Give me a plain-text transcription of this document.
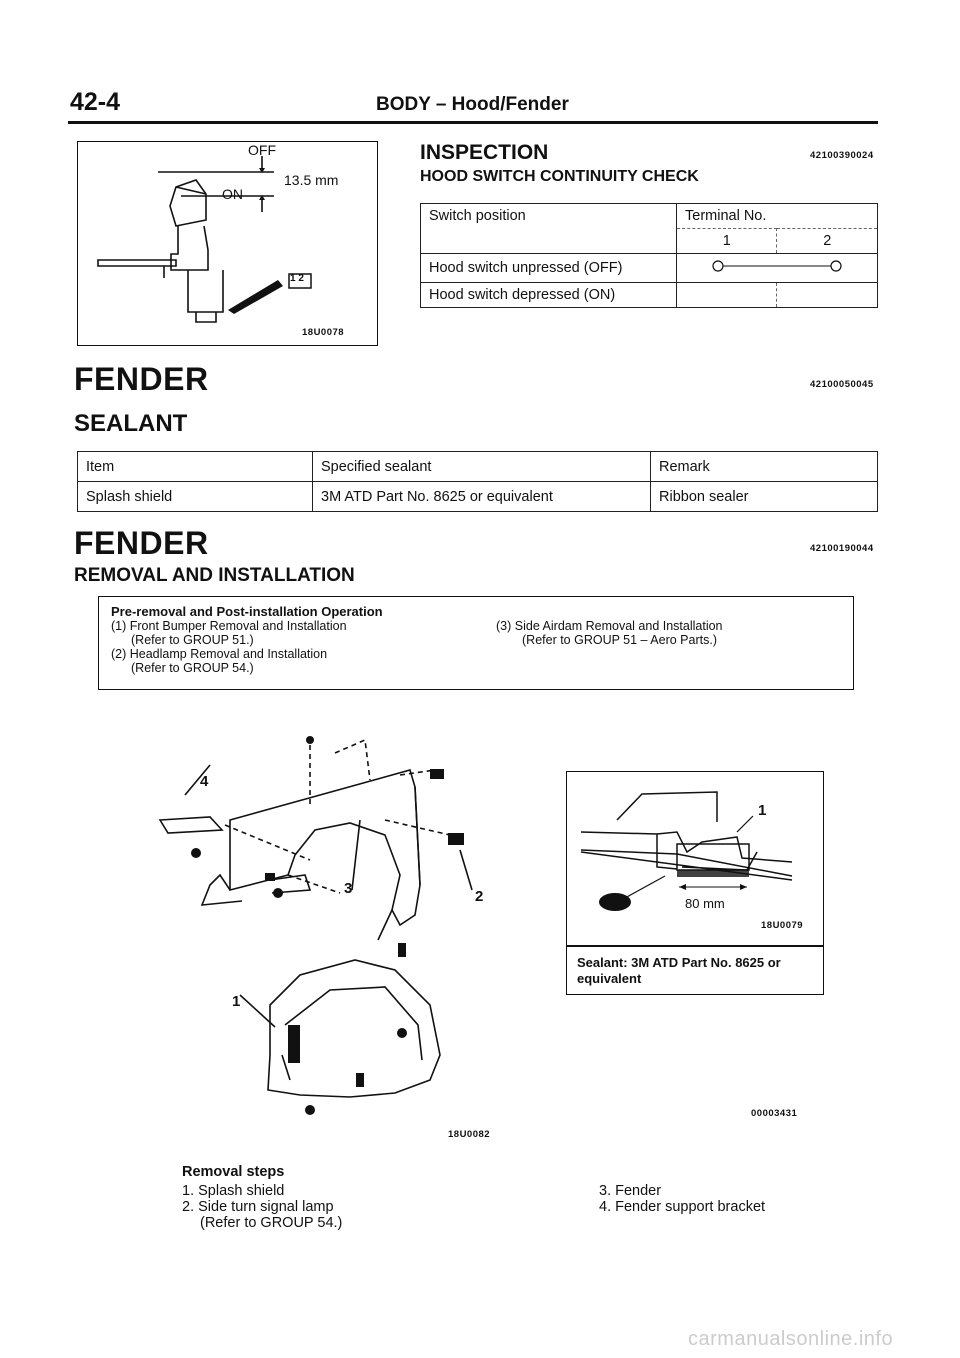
42-4	BODY – Hood/Fender
OFF
ON
13.5 mm
1 2
18U0078
INSPECTION	42100390024
HOOD SWITCH CONTINUITY CHECK
Switch position	Terminal No.	
	1	2
Hood switch unpressed (OFF)	
Hood switch depressed (ON)		
FENDER	42100050045
SEALANT
Item	Specified sealant	Remark
Splash shield	3M ATD Part No. 8625 or equivalent	Ribbon sealer
FENDER	42100190044
REMOVAL AND INSTALLATION
Pre-removal and Post-installation Operation
(1) Front Bumper Removal and Installation
(Refer to GROUP 51.)
(2) Headlamp Removal and Installation
(Refer to GROUP 54.)
(3) Side Airdam Removal and Installation
(Refer to GROUP 51 – Aero Parts.)
4
3	2
1
18U0082
00003431
1
80 mm
18U0079
Sealant: 3M ATD Part No. 8625 or equivalent
Removal steps
1. Splash shield
2. Side turn signal lamp
(Refer to GROUP 54.)
3. Fender
4. Fender support bracket
carmanualsonline.info
